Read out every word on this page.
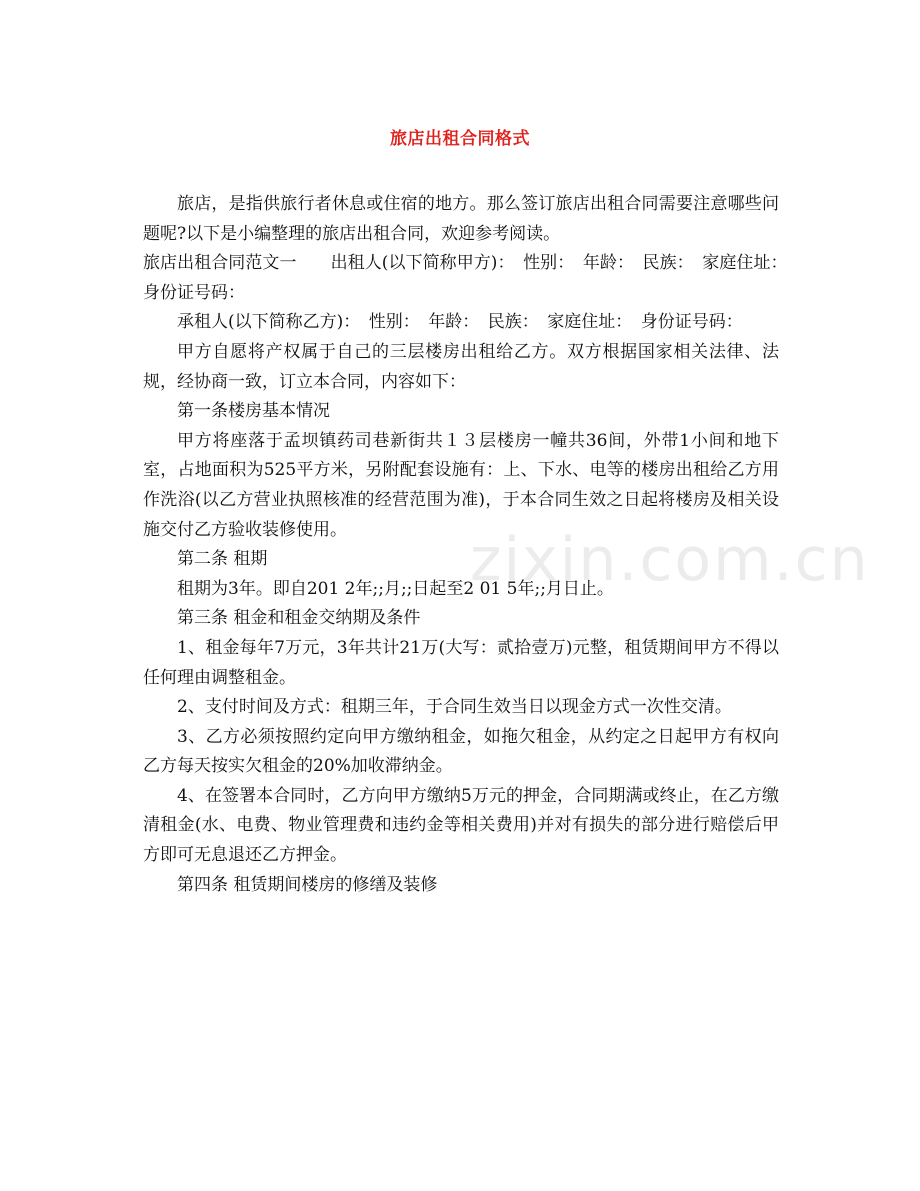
旅店出租合同格式

旅店，是指供旅行者休息或住宿的地方。那么签订旅店出租合同需要注意哪些问题呢?以下是小编整理的旅店出租合同，欢迎参考阅读。

旅店出租合同范文一　　出租人(以下简称甲方)：　性别：　年龄：　民族：　家庭住址：　身份证号码：

承租人(以下简称乙方)：　性别：　年龄：　民族：　家庭住址：　身份证号码：

甲方自愿将产权属于自己的三层楼房出租给乙方。双方根据国家相关法律、法规，经协商一致，订立本合同，内容如下：

第一条楼房基本情况

甲方将座落于孟坝镇药司巷新街共１３层楼房一幢共36间，外带1小间和地下室，占地面积为525平方米，另附配套设施有：上、下水、电等的楼房出租给乙方用作洗浴(以乙方营业执照核准的经营范围为准)，于本合同生效之日起将楼房及相关设施交付乙方验收装修使用。

第二条 租期

租期为3年。即自201 2年;;月;;日起至2 01 5年;;月日止。

第三条 租金和租金交纳期及条件

1、租金每年7万元，3年共计21万(大写：贰拾壹万)元整，租赁期间甲方不得以任何理由调整租金。

2、支付时间及方式：租期三年，于合同生效当日以现金方式一次性交清。

3、乙方必须按照约定向甲方缴纳租金，如拖欠租金，从约定之日起甲方有权向乙方每天按实欠租金的20%加收滞纳金。

4、在签署本合同时，乙方向甲方缴纳5万元的押金，合同期满或终止，在乙方缴清租金(水、电费、物业管理费和违约金等相关费用)并对有损失的部分进行赔偿后甲方即可无息退还乙方押金。

第四条 租赁期间楼房的修缮及装修

zixin.com.cn
